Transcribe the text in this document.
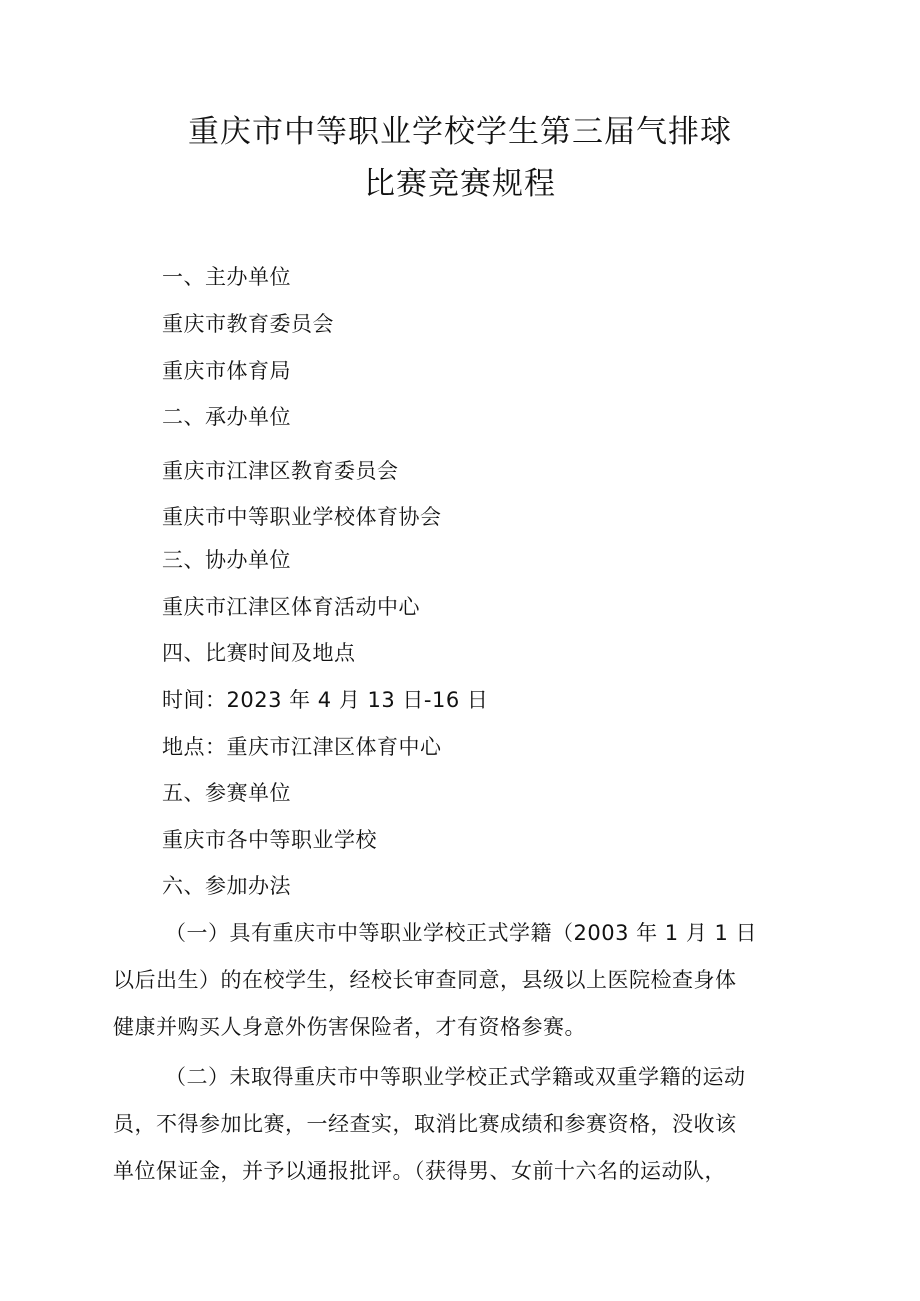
重庆市中等职业学校学生第三届气排球
比赛竞赛规程
一、主办单位
重庆市教育委员会
重庆市体育局
二、承办单位
重庆市江津区教育委员会
重庆市中等职业学校体育协会
三、协办单位
重庆市江津区体育活动中心
四、比赛时间及地点
时间：2023 年 4 月 13 日-16 日
地点：重庆市江津区体育中心
五、参赛单位
重庆市各中等职业学校
六、参加办法
（一）具有重庆市中等职业学校正式学籍（2003 年 1 月 1 日
以后出生）的在校学生，经校长审查同意，县级以上医院检查身体
健康并购买人身意外伤害保险者，才有资格参赛。
（二）未取得重庆市中等职业学校正式学籍或双重学籍的运动
员，不得参加比赛，一经查实，取消比赛成绩和参赛资格，没收该
单位保证金，并予以通报批评。（获得男、女前十六名的运动队，
